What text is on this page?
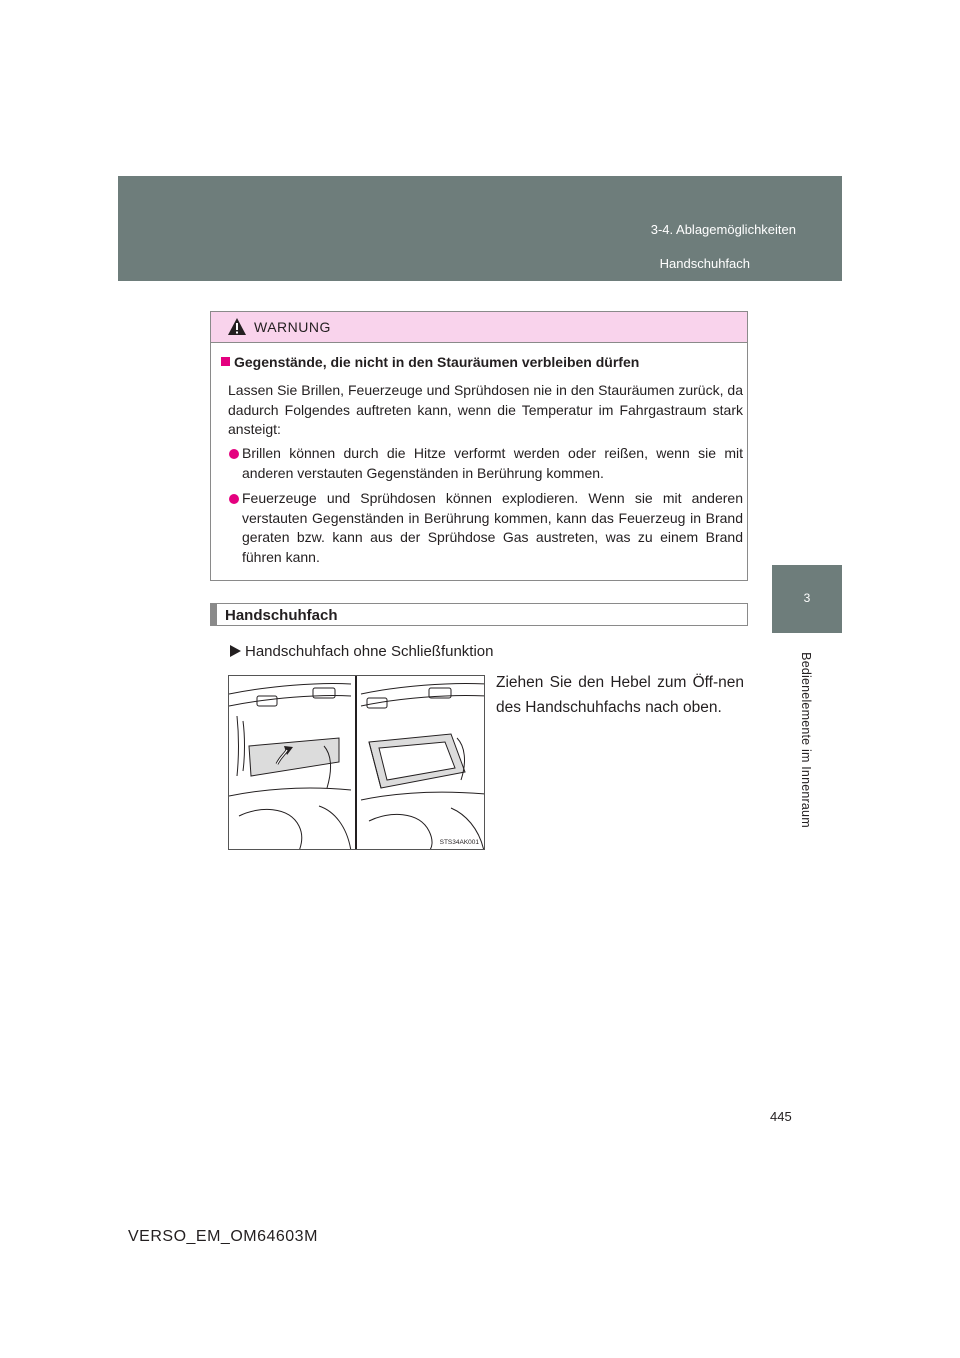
3-4. Ablagemöglichkeiten
Handschuhfach
3
Bedienelemente im Innenraum
WARNUNG
Gegenstände, die nicht in den Stauräumen verbleiben dürfen
Lassen Sie Brillen, Feuerzeuge und Sprühdosen nie in den Stauräumen zurück, da dadurch Folgendes auftreten kann, wenn die Temperatur im Fahrgastraum stark ansteigt:
Brillen können durch die Hitze verformt werden oder reißen, wenn sie mit anderen verstauten Gegenständen in Berührung kommen.
Feuerzeuge und Sprühdosen können explodieren. Wenn sie mit anderen verstauten Gegenständen in Berührung kommen, kann das Feuerzeug in Brand geraten bzw. kann aus der Sprühdose Gas austreten, was zu einem Brand führen kann.
Handschuhfach
Handschuhfach ohne Schließfunktion
Ziehen Sie den Hebel zum Öff-nen des Handschuhfachs nach oben.
STS34AK001
445
VERSO_EM_OM64603M
